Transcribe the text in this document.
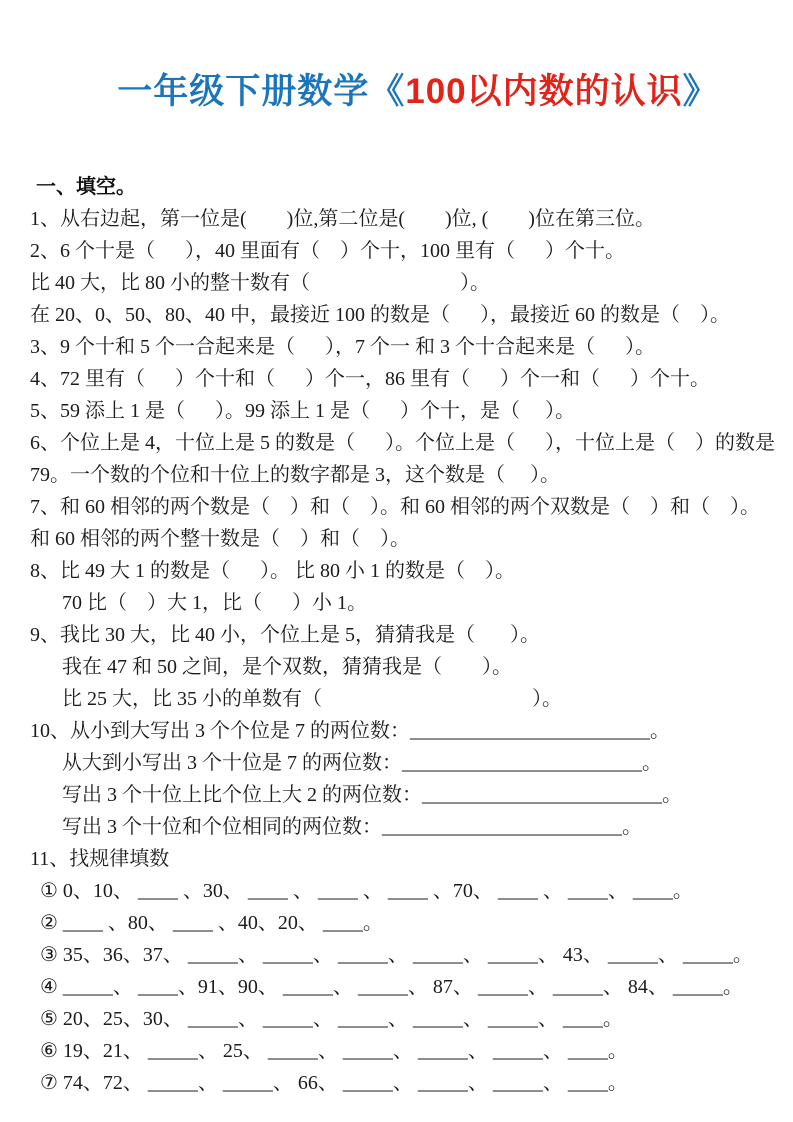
一年级下册数学《100以内数的认识》

一、填空。
1、从右边起，第一位是(        )位,第二位是(        )位, (        )位在第三位。
2、6 个十是（      ），40 里面有（    ）个十，100 里有（      ）个十。
比 40 大，比 80 小的整十数有（                              ）。
在 20、0、50、80、40 中，最接近 100 的数是（      ），最接近 60 的数是（    ）。
3、9 个十和 5 个一合起来是（      ），7 个一 和 3 个十合起来是（      ）。
4、72 里有（      ）个十和（      ）个一，86 里有（      ）个一和（      ）个十。
5、59 添上 1 是（      ）。99 添上 1 是（      ）个十，是（     ）。
6、个位上是 4，十位上是 5 的数是（      ）。个位上是（      ），十位上是（    ）的数是
79。一个数的个位和十位上的数字都是 3，这个数是（     ）。
7、和 60 相邻的两个数是（    ）和（    ）。和 60 相邻的两个双数是（    ）和（    ）。
和 60 相邻的两个整十数是（    ）和（    ）。
8、比 49 大 1 的数是（      ）。 比 80 小 1 的数是（    ）。
70 比（    ）大 1，比（      ）小 1。
9、我比 30 大，比 40 小，个位上是 5，猜猜我是（       ）。
我在 47 和 50 之间，是个双数，猜猜我是（        ）。
比 25 大，比 35 小的单数有（                                          ）。
10、从小到大写出 3 个个位是 7 的两位数：________________________。
从大到小写出 3 个十位是 7 的两位数：________________________。
写出 3 个十位上比个位上大 2 的两位数：________________________。
写出 3 个十位和个位相同的两位数：________________________。
11、找规律填数
① 0、10、 ____ 、30、 ____ 、 ____ 、 ____ 、70、 ____ 、 ____、 ____。
② ____ 、80、 ____ 、40、20、 ____。
③ 35、36、37、 _____、 _____、 _____、 _____、 _____、 43、 _____、 _____。
④ _____、 ____、91、90、 _____、 _____、 87、 _____、 _____、 84、 _____。
⑤ 20、25、30、 _____、 _____、 _____、 _____、 _____、 ____。
⑥ 19、21、 _____、 25、 _____、 _____、 _____、 _____、 ____。
⑦ 74、72、 _____、 _____、 66、 _____、 _____、 _____、 ____。
